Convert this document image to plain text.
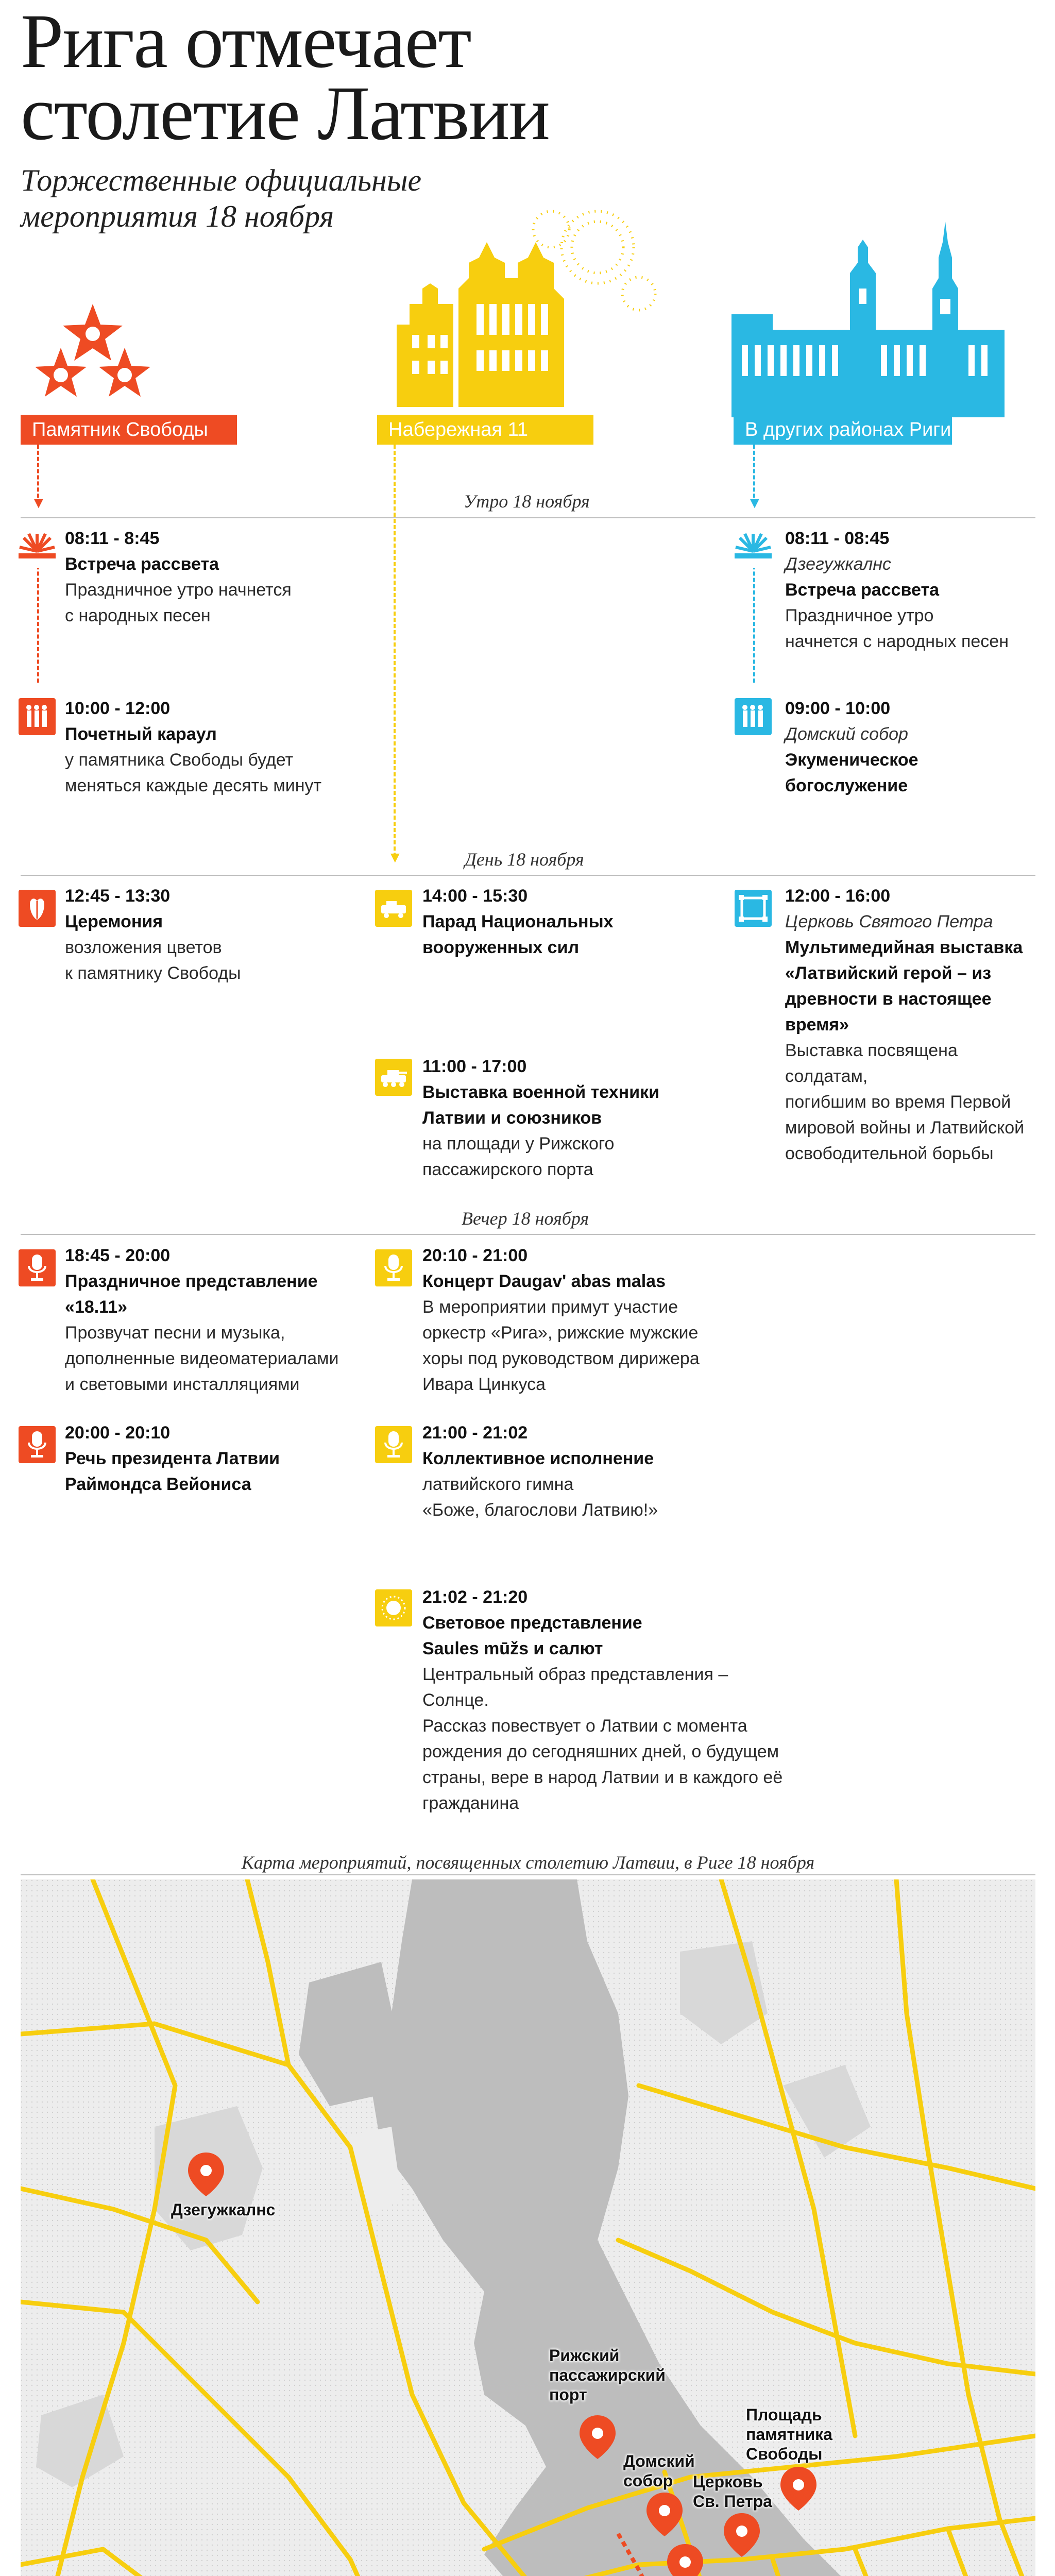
Рига отмечает
столетие Латвии
Торжественные официальные
мероприятия 18 ноября
Памятник Свободы	Набережная 11 Ноября
В других районах Риги
▼
▼
▼
Утро 18 ноября
День 18 ноября
Вечер 18 ноября
08:11 - 8:45
Встреча рассвета
Праздничное утро начнется
с народных песен
10:00 - 12:00
Почетный караул
у памятника Свободы будет
меняться каждые десять минут
08:11 - 08:45
Дзегужкалнс
Встреча рассвета
Праздничное утро
начнется с народных песен
09:00 - 10:00
Домский собор
Экуменическое
богослужение
12:45 - 13:30
Церемония
возложения цветов
к памятнику Свободы
14:00 - 15:30
Парад Национальных
вооруженных сил
11:00 - 17:00
Выставка военной техники
Латвии и союзников
на площади у Рижского
пассажирского порта
12:00 - 16:00
Церковь Святого Петра
Мультимедийная выставка
«Латвийский герой – из
древности в настоящее
время»
Выставка посвящена солдатам,
погибшим во время Первой
мировой войны и Латвийской
освободительной борьбы
18:45 - 20:00
Праздничное представление
«18.11»
Прозвучат песни и музыка,
дополненные видеоматериалами
и световыми инсталляциями
20:00 - 20:10
Речь президента Латвии
Раймондса Вейониса
20:10 - 21:00
Концерт Daugav' abas malas
В мероприятии примут участие
оркестр «Рига», рижские мужские
хоры под руководством дирижера
Ивара Цинкуса
21:00 - 21:02
Коллективное исполнение
латвийского гимна
«Боже, благослови Латвию!»
21:02 - 21:20
Световое представление
Saules mūžs и салют
Центральный образ представления – Солнце.
Рассказ повествует о Латвии с момента
рождения до сегодняшних дней, о будущем
страны, вере в народ Латвии и в каждого её
гражданина
Карта мероприятий, посвященных столетию Латвии, в Риге 18 ноября
Дзегужкалнс
Рижский
пассажирский
порт
Домский
собор	Церковь
Св. Петра
Площадь
памятника
Свободы
